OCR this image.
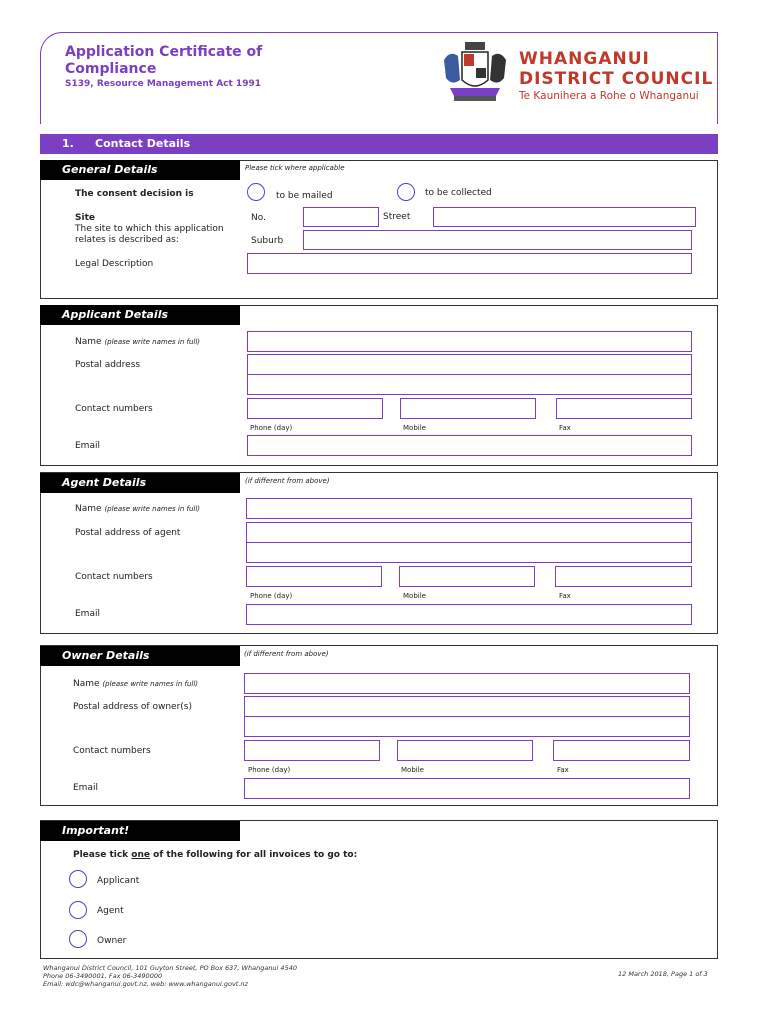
Application Certificate of Compliance
S139, Resource Management Act 1991
WHANGANUI
DISTRICT COUNCIL
Te Kaunihera a Rohe o Whanganui
1. Contact Details
General Details	Please tick where applicable
The consent decision is	to be mailed	to be collected
Site
The site to which this application relates is described as:
No.	Street
Suburb
Legal Description
Applicant Details
Name (please write names in full)
Postal address
Contact numbers
Phone (day)	Mobile	Fax
Email
Agent Details	(if different from above)
Name (please write names in full)
Postal address of agent
Contact numbers
Phone (day)	Mobile	Fax
Email
Owner Details	(if different from above)
Name (please write names in full)
Postal address of owner(s)
Contact numbers
Phone (day)	Mobile	Fax
Email
Important!
Please tick one of the following for all invoices to go to:
Applicant
Agent
Owner
Whanganui District Council, 101 Guyton Street, PO Box 637, Whanganui 4540
Phone 06-3490001, Fax 06-3490000
Email: wdc@whanganui.govt.nz, web: www.whanganui.govt.nz
12 March 2018, Page 1 of 3
